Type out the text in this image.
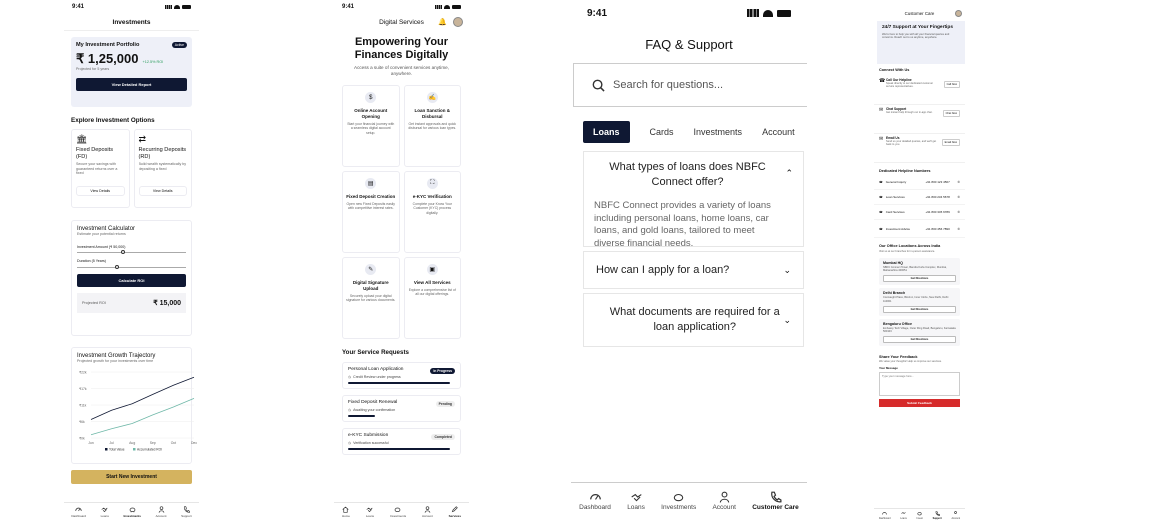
9:41
Investments
My Investment Portfolio	Active
₹ 1,25,000 +12.5% ROI
Projected for 5 years
View Detailed Report
Explore Investment Options
🏛
Fixed Deposits (FD)
Secure your savings with guaranteed returns over a fixed
View Details
⇄
Recurring Deposits (RD)
Build wealth systematically by depositing a fixed
View Details
Investment Calculator
Estimate your potential returns
Investment Amount (₹ 50,000)
Duration (5 Years)
Calculate ROI
Projected ROI	₹ 15,000
Investment Growth Trajectory
Projected growth for your investments over time
₹22k
₹17k
₹11k
₹6k
₹0k
Jun	Jul	Aug	Sep	Oct	Dec
Total Value	Accumulated ROI
Start New Investment
Dashboard	Loans	Investments	Account	Support
9:41
Digital Services 🔔
Empowering Your Finances Digitally
Access a suite of convenient services anytime, anywhere.
$
Online Account Opening
Start your financial journey with a seamless digital account setup.
✍
Loan Sanction & Disbursal
Get instant approvals and quick disbursal for various loan types.
▤
Fixed Deposit Creation
Open new Fixed Deposits easily with competitive interest rates.
⛶
e-KYC Verification
Complete your Know Your Customer (KYC) process digitally.
✎
Digital Signature Upload
Securely upload your digital signature for various documents.
▣
View All Services
Explore a comprehensive list of all our digital offerings.
Your Service Requests
Personal Loan Application	In Progress
◷ Credit Review under progress
Fixed Deposit Renewal	Pending
◷ Awaiting your confirmation
e-KYC Submission	Completed
◷ Verification successful
Home	Loans	Investments	Account	Services
9:41
FAQ & Support
Search for questions...
Loans	Cards Investments Account
What types of loans does NBFC Connect offer?
⌃
NBFC Connect provides a variety of loans including personal loans, home loans, car loans, and gold loans, tailored to meet diverse financial needs.
How can I apply for a loan?	⌄
What documents are required for a loan application?
⌄
Dashboard	Loans	Investments	Account	Customer Care
Customer Care
24/7 Support at Your Fingertips
We're here to help you with all your financial queries and concerns. Reach out to us anytime, anywhere.
Connect With Us
☎ Call Our Helpline
Speak directly to our dedicated customer service representatives.
Call Now
✉ Chat Support
Get instant help through our in-app chat.	Chat Now
✉ Email Us
Send us your detailed queries, and we'll get back to you.
Email Now
Dedicated Helpline Numbers
☎ General Inquiry	+91 800 123 4567	✆
☎ Loan Services	+91 800 234 5678	✆
☎ Card Services	+91 800 345 6789	✆
☎ Investment Advice	+91 800 456 7890	✆
Our Office Locations Across India
Visit us at our branches for in-person assistance.
Mumbai HQ
NBFC Connect Tower, Bandra Kurla Complex, Mumbai, Maharashtra 400051
Get Directions
Delhi Branch
Connaught Place, Block A, Inner Circle, New Delhi, Delhi 110001
Get Directions
Bengaluru Office
Embassy Tech Village, Outer Ring Road, Bengaluru, Karnataka 560103
Get Directions
Share Your Feedback
We value your thoughts! Help us improve our services.
Your Message
Type your message here...
Submit Feedback
Dashboard	Loans	Invest	Support	Account
